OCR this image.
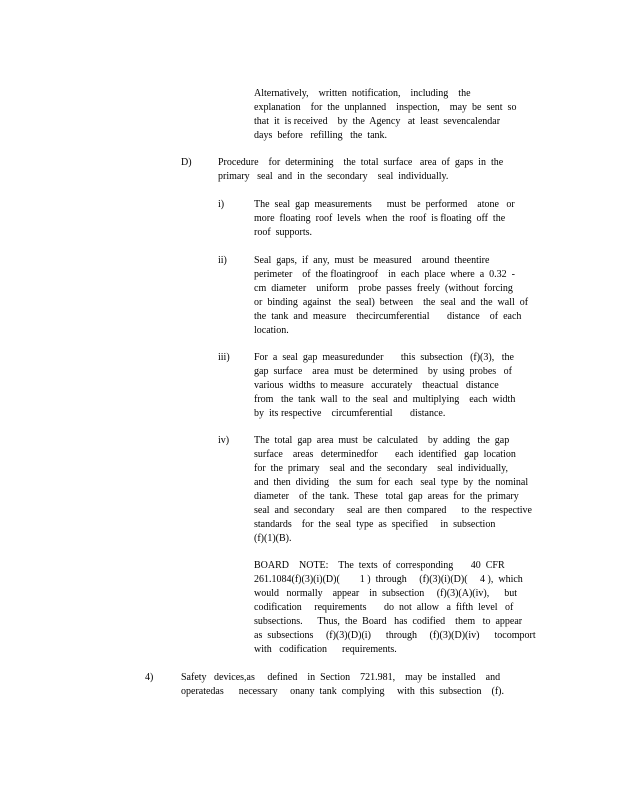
Alternatively,    written  notification,    including    the
explanation    for  the  unplanned    inspection,    may  be  sent  so
that  it  is received    by  the  Agency   at  least  sevencalendar
days  before   refilling   the  tank.
D)	Procedure    for  determining    the  total  surface   area  of  gaps  in  the
primary   seal  and  in  the  secondary    seal  individually.
i)	The  seal  gap  measurements      must  be  performed    atone   or
more  floating  roof  levels  when  the  roof  is floating  off  the
roof  supports.
ii)	Seal  gaps,  if  any,  must  be  measured    around  theentire
perimeter    of  the floatingroof    in  each  place  where  a  0.32  -
cm  diameter    uniform    probe  passes  freely  (without  forcing
or  binding  against   the  seal)  between    the  seal  and  the  wall  of
the  tank  and  measure    thecircumferential       distance    of  each
location.
iii) For  a  seal  gap  measuredunder       this  subsection   (f)(3),   the
gap  surface    area  must  be  determined    by  using  probes   of
various  widths  to measure   accurately    theactual   distance
from   the  tank  wall  to  the  seal  and  multiplying    each  width
by  its respective    circumferential       distance.
iv) The  total  gap  area  must  be  calculated    by  adding   the  gap
surface    areas   determinedfor       each  identified   gap  location
for  the  primary    seal  and  the  secondary    seal  individually,
and  then  dividing    the  sum  for  each   seal  type  by  the  nominal
diameter    of  the  tank.  These   total  gap  areas  for  the  primary
seal  and  secondary     seal  are  then  compared      to  the  respective
standards    for  the  seal  type  as  specified     in  subsection
(f)(1)(B).
BOARD    NOTE:    The  texts  of  corresponding       40  CFR
261.1084(f)(3)(i)(D)(        1 )  through     (f)(3)(i)(D)(     4 ),  which
would   normally    appear    in  subsection     (f)(3)(A)(iv),      but
codification     requirements       do  not  allow   a  fifth  level   of
subsections.      Thus,  the  Board   has  codified    them   to  appear
as  subsections     (f)(3)(D)(i)      through     (f)(3)(D)(iv)      tocomport
with   codification      requirements.
4)	Safety   devices,as     defined    in  Section    721.981,    may  be  installed    and
operatedas      necessary     onany  tank  complying     with  this  subsection    (f).
